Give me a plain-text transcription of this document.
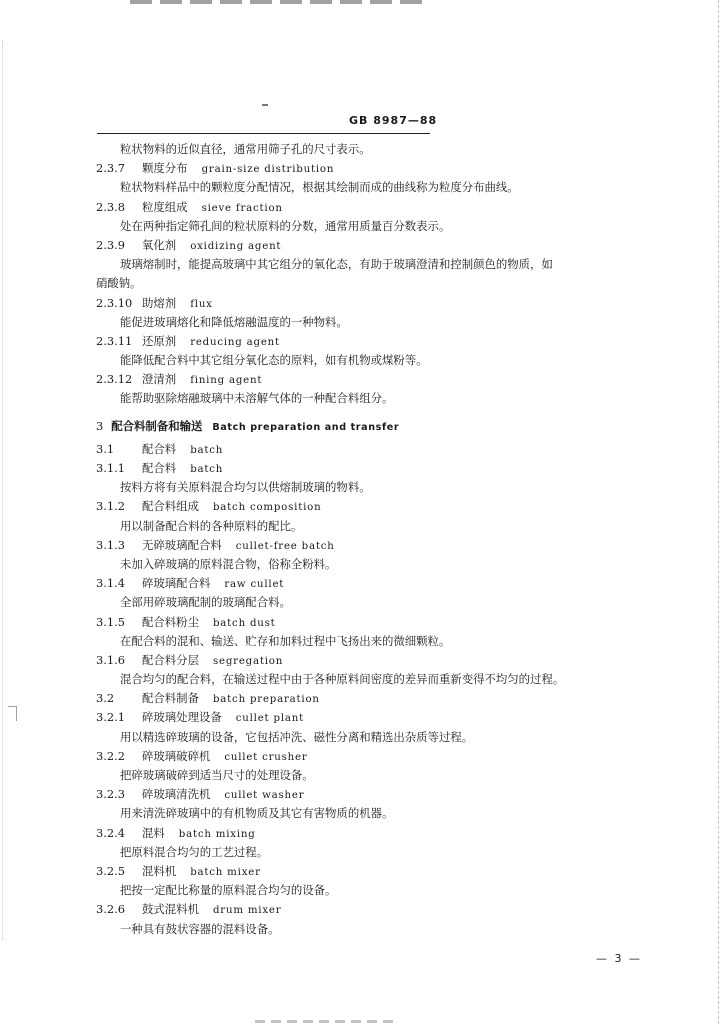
GB 8987—88
粒状物料的近似直径，通常用筛子孔的尺寸表示。
2.3.7 颗度分布 grain-size distribution
粒状物料样品中的颗粒度分配情况，根据其绘制而成的曲线称为粒度分布曲线。
2.3.8 粒度组成 sieve fraction
处在两种指定筛孔间的粒状原料的分数，通常用质量百分数表示。
2.3.9 氧化剂 oxidizing agent
玻璃熔制时，能提高玻璃中其它组分的氧化态，有助于玻璃澄清和控制颜色的物质，如
硝酸钠。
2.3.10 助熔剂 flux
能促进玻璃熔化和降低熔融温度的一种物料。
2.3.11 还原剂 reducing agent
能降低配合料中其它组分氧化态的原料，如有机物或煤粉等。
2.3.12 澄清剂 fining agent
能帮助驱除熔融玻璃中未溶解气体的一种配合料组分。
3 配合料制备和输送 Batch preparation and transfer
3.1 配合料 batch
3.1.1 配合料 batch
按料方将有关原料混合均匀以供熔制玻璃的物料。
3.1.2 配合料组成 batch composition
用以制备配合料的各种原料的配比。
3.1.3 无碎玻璃配合料 cullet-free batch
未加入碎玻璃的原料混合物，俗称全粉料。
3.1.4 碎玻璃配合料 raw cullet
全部用碎玻璃配制的玻璃配合料。
3.1.5 配合料粉尘 batch dust
在配合料的混和、输送、贮存和加料过程中飞扬出来的微细颗粒。
3.1.6 配合料分层 segregation
混合均匀的配合料，在输送过程中由于各种原料间密度的差异而重新变得不均匀的过程。
3.2 配合料制备 batch preparation
3.2.1 碎玻璃处理设备 cullet plant
用以精选碎玻璃的设备，它包括冲洗、磁性分离和精选出杂质等过程。
3.2.2 碎玻璃破碎机 cullet crusher
把碎玻璃破碎到适当尺寸的处理设备。
3.2.3 碎玻璃清洗机 cullet washer
用来清洗碎玻璃中的有机物质及其它有害物质的机器。
3.2.4 混料 batch mixing
把原料混合均匀的工艺过程。
3.2.5 混料机 batch mixer
把按一定配比称量的原料混合均匀的设备。
3.2.6 鼓式混料机 drum mixer
一种具有鼓状容器的混料设备。
— 3 —
